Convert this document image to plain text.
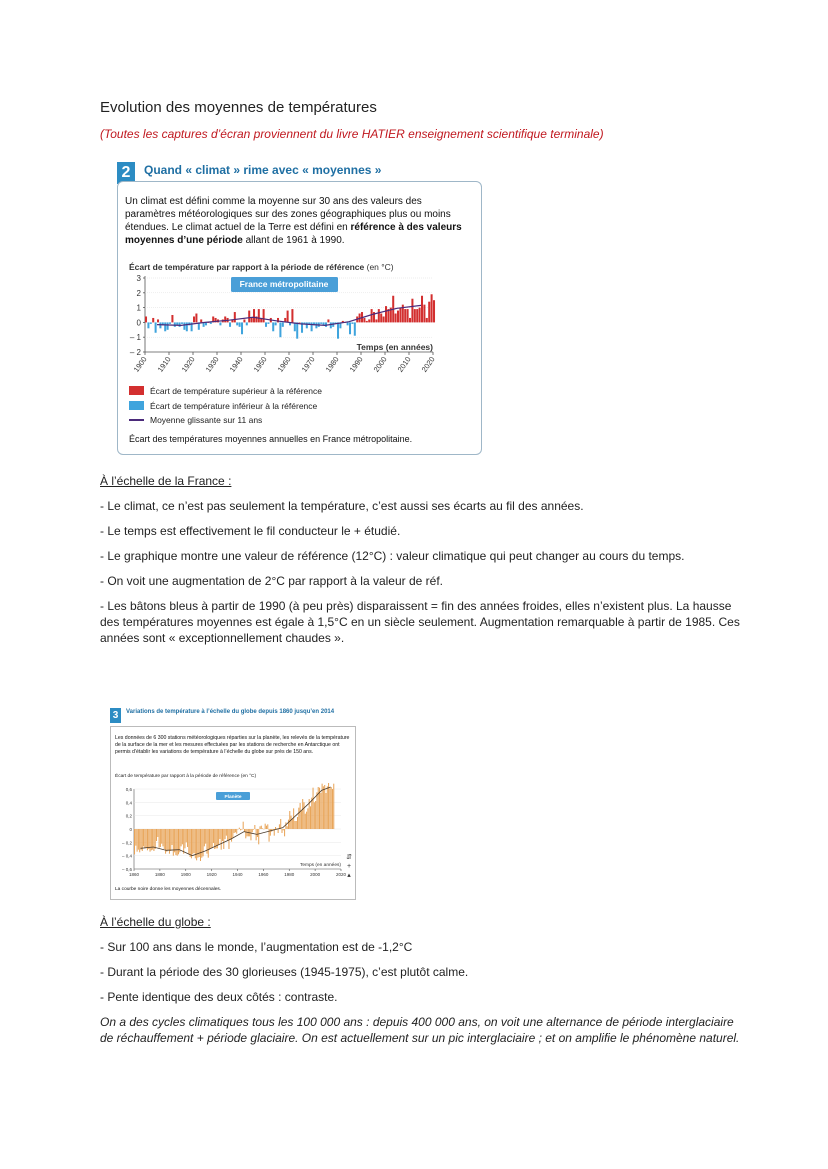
Evolution des moyennes de températures
(Toutes les captures d’écran proviennent du livre HATIER enseignement scientifique terminale)
2	Quand « climat » rime avec « moyennes »
Un climat est défini comme la moyenne sur 30 ans des valeurs des paramètres météorologiques sur des zones géographiques plus ou moins étendues. Le climat actuel de la Terre est défini en référence à des valeurs moyennes d’une période allant de 1961 à 1990.
Écart de température par rapport à la période de référence (en °C)
3
2
1
0
– 1
– 2
1900 1910 1920 1930 1940 1950 1960 1970 1980 1990 2000 2010 2020
Temps (en années)
France métropolitaine
Écart de température supérieur à la référence
Écart de température inférieur à la référence
Moyenne glissante sur 11 ans
Écart des températures moyennes annuelles en France métropolitaine.
À l’échelle de la France :
- Le climat, ce n’est pas seulement la température, c’est aussi ses écarts au fil des années.
- Le temps est effectivement le fil conducteur le + étudié.
- Le graphique montre une valeur de référence (12°C) : valeur climatique qui peut changer au cours du temps.
- On voit une augmentation de 2°C par rapport à la valeur de réf.
- Les bâtons bleus à partir de 1990 (à peu près) disparaissent = fin des années froides, elles n’existent plus. La hausse des températures moyennes est égale à 1,5°C en un siècle seulement. Augmentation remarquable à partir de 1985. Ces années sont « exceptionnellement chaudes ».
3	Variations de température à l’échelle du globe depuis 1860 jusqu’en 2014
Les données de 6 300 stations météorologiques réparties sur la planète, les relevés de la température de la surface de la mer et les mesures effectuées par les stations de recherche en Antarctique ont permis d’établir les variations de température à l’échelle du globe sur près de 150 ans.
Écart de température par rapport à la période de référence (en °C)
0,6
0,4
0,2
0
– 0,2
– 0,4
– 0,6
1860	1880	1900	1920	1940	1960	1980	2000	2020
Temps (en années)
Planète
La courbe noire donne les moyennes décennales.
⇵ + ▴
À l’échelle du globe :
- Sur 100 ans dans le monde, l’augmentation est de -1,2°C
- Durant la période des 30 glorieuses (1945-1975), c’est plutôt calme.
- Pente identique des deux côtés : contraste.
On a des cycles climatiques tous les 100 000 ans : depuis 400 000 ans, on voit une alternance de période interglaciaire de réchauffement + période glaciaire. On est actuellement sur un pic interglaciaire ; et on amplifie le phénomène naturel.
